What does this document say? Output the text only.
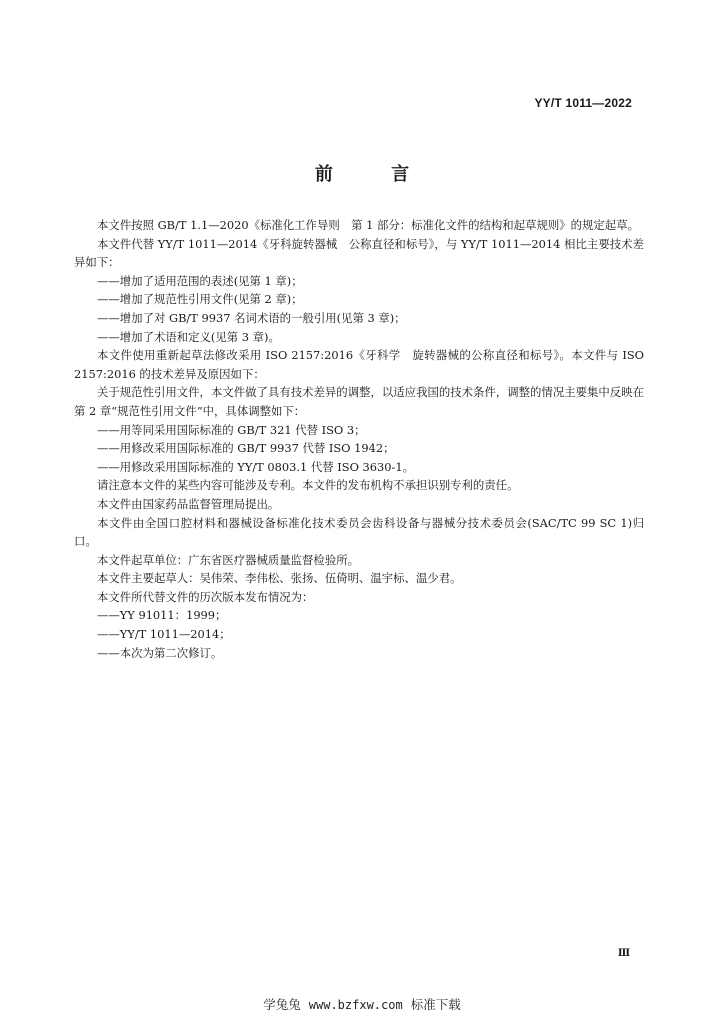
YY/T 1011—2022
前 言

本文件按照 GB/T 1.1—2020《标准化工作导则　第 1 部分：标准化文件的结构和起草规则》的规定起草。

本文件代替 YY/T 1011—2014《牙科旋转器械　公称直径和标号》，与 YY/T 1011—2014 相比主要技术差异如下：

——增加了适用范围的表述(见第 1 章)；

——增加了规范性引用文件(见第 2 章)；

——增加了对 GB/T 9937 名词术语的一般引用(见第 3 章)；

——增加了术语和定义(见第 3 章)。

本文件使用重新起草法修改采用 ISO 2157:2016《牙科学　旋转器械的公称直径和标号》。本文件与 ISO 2157:2016 的技术差异及原因如下：

关于规范性引用文件，本文件做了具有技术差异的调整，以适应我国的技术条件，调整的情况主要集中反映在第 2 章“规范性引用文件”中，具体调整如下：

——用等同采用国际标准的 GB/T 321 代替 ISO 3；

——用修改采用国际标准的 GB/T 9937 代替 ISO 1942；

——用修改采用国际标准的 YY/T 0803.1 代替 ISO 3630-1。

请注意本文件的某些内容可能涉及专利。本文件的发布机构不承担识别专利的责任。

本文件由国家药品监督管理局提出。

本文件由全国口腔材料和器械设备标准化技术委员会齿科设备与器械分技术委员会(SAC/TC 99 SC 1)归口。

本文件起草单位：广东省医疗器械质量监督检验所。

本文件主要起草人：吴伟荣、李伟松、张扬、伍倚明、温宇标、温少君。

本文件所代替文件的历次版本发布情况为：

——YY 91011：1999；

——YY/T 1011—2014；

——本次为第二次修订。

Ⅲ
学兔兔 www.bzfxw.com 标准下载
